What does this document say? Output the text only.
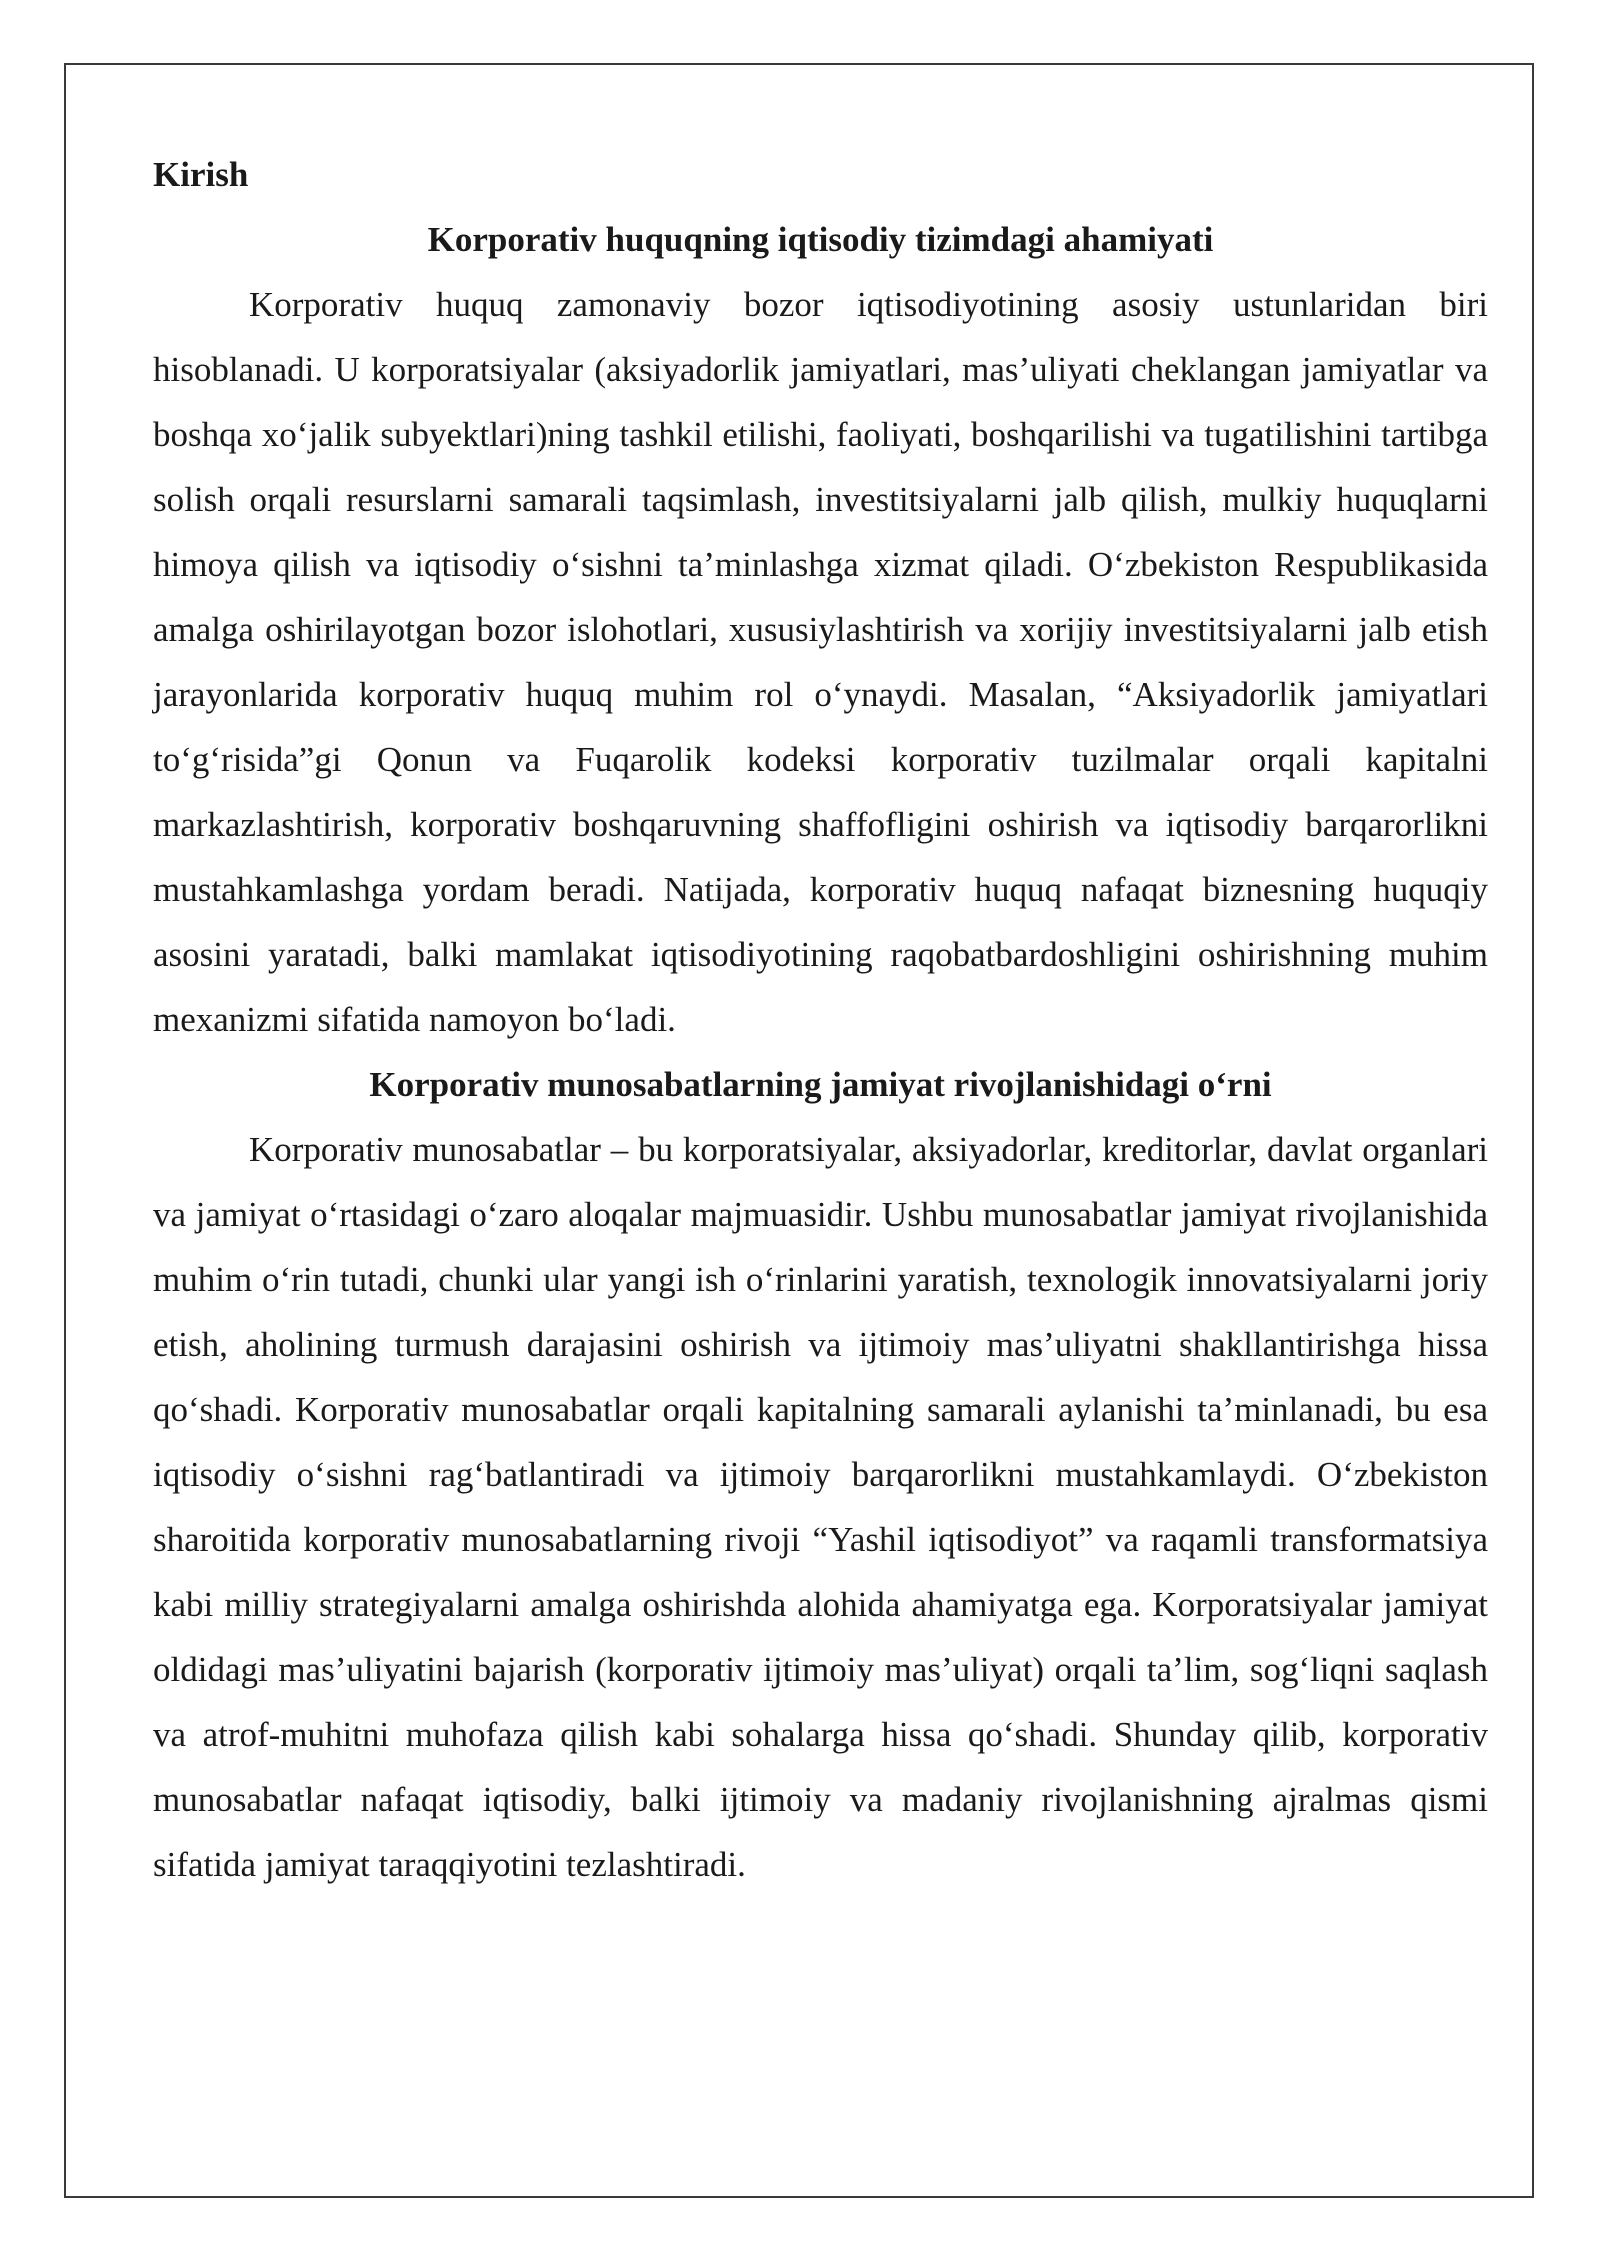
Kirish

Korporativ huquqning iqtisodiy tizimdagi ahamiyati

Korporativ huquq zamonaviy bozor iqtisodiyotining asosiy ustunlaridan biri hisoblanadi. U korporatsiyalar (aksiyadorlik jamiyatlari, mas’uliyati cheklangan jamiyatlar va boshqa xo‘jalik subyektlari)ning tashkil etilishi, faoliyati, boshqarilishi va tugatilishini tartibga solish orqali resurslarni samarali taqsimlash, investitsiyalarni jalb qilish, mulkiy huquqlarni himoya qilish va iqtisodiy o‘sishni ta’minlashga xizmat qiladi. O‘zbekiston Respublikasida amalga oshirilayotgan bozor islohotlari, xususiylashtirish va xorijiy investitsiyalarni jalb etish jarayonlarida korporativ huquq muhim rol o‘ynaydi. Masalan, “Aksiyadorlik jamiyatlari to‘g‘risida”gi Qonun va Fuqarolik kodeksi korporativ tuzilmalar orqali kapitalni markazlashtirish, korporativ boshqaruvning shaffofligini oshirish va iqtisodiy barqarorlikni mustahkamlashga yordam beradi. Natijada, korporativ huquq nafaqat biznesning huquqiy asosini yaratadi, balki mamlakat iqtisodiyotining raqobatbardoshligini oshirishning muhim mexanizmi sifatida namoyon bo‘ladi.

Korporativ munosabatlarning jamiyat rivojlanishidagi o‘rni

Korporativ munosabatlar – bu korporatsiyalar, aksiyadorlar, kreditorlar, davlat organlari va jamiyat o‘rtasidagi o‘zaro aloqalar majmuasidir. Ushbu munosabatlar jamiyat rivojlanishida muhim o‘rin tutadi, chunki ular yangi ish o‘rinlarini yaratish, texnologik innovatsiyalarni joriy etish, aholining turmush darajasini oshirish va ijtimoiy mas’uliyatni shakllantirishga hissa qo‘shadi. Korporativ munosabatlar orqali kapitalning samarali aylanishi ta’minlanadi, bu esa iqtisodiy o‘sishni rag‘batlantiradi va ijtimoiy barqarorlikni mustahkamlaydi. O‘zbekiston sharoitida korporativ munosabatlarning rivoji “Yashil iqtisodiyot” va raqamli transformatsiya kabi milliy strategiyalarni amalga oshirishda alohida ahamiyatga ega. Korporatsiyalar jamiyat oldidagi mas’uliyatini bajarish (korporativ ijtimoiy mas’uliyat) orqali ta’lim, sog‘liqni saqlash va atrof-muhitni muhofaza qilish kabi sohalarga hissa qo‘shadi. Shunday qilib, korporativ munosabatlar nafaqat iqtisodiy, balki ijtimoiy va madaniy rivojlanishning ajralmas qismi sifatida jamiyat taraqqiyotini tezlashtiradi.
